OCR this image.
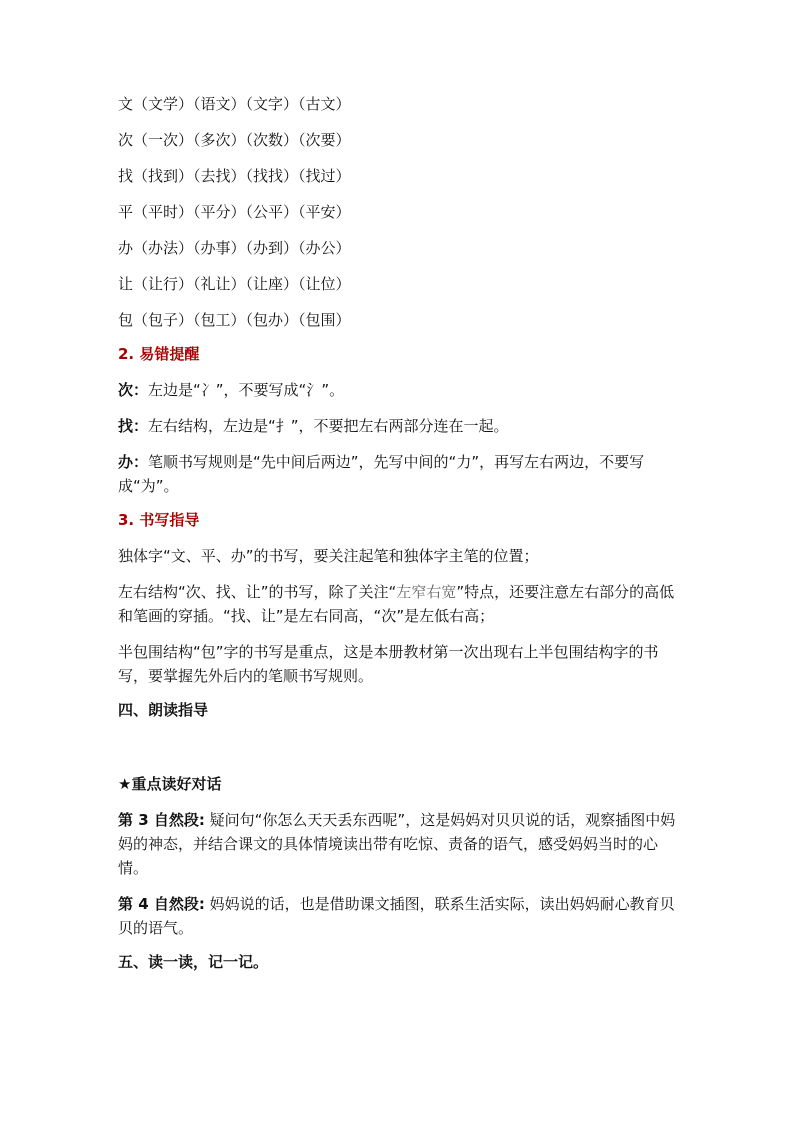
文（文学）（语文）（文字）（古文）
次（一次）（多次）（次数）（次要）
找（找到）（去找）（找找）（找过）
平（平时）（平分）（公平）（平安）
办（办法）（办事）（办到）（办公）
让（让行）（礼让）（让座）（让位）
包（包子）（包工）（包办）（包围）
2. 易错提醒

次：左边是“冫”，不要写成“氵”。

找：左右结构，左边是“扌”，不要把左右两部分连在一起。

办：笔顺书写规则是“先中间后两边”，先写中间的“力”，再写左右两边，不要写成“为”。

3. 书写指导

独体字“文、平、办”的书写，要关注起笔和独体字主笔的位置；

左右结构“次、找、让”的书写，除了关注“左窄右宽”特点，还要注意左右部分的高低和笔画的穿插。“找、让”是左右同高，“次”是左低右高；

半包围结构“包”字的书写是重点，这是本册教材第一次出现右上半包围结构字的书写，要掌握先外后内的笔顺书写规则。

四、朗读指导
★重点读好对话

第 3 自然段: 疑问句“你怎么天天丢东西呢”，这是妈妈对贝贝说的话，观察插图中妈妈的神态，并结合课文的具体情境读出带有吃惊、责备的语气，感受妈妈当时的心情。

第 4 自然段: 妈妈说的话，也是借助课文插图，联系生活实际，读出妈妈耐心教育贝贝的语气。

五、读一读，记一记。
